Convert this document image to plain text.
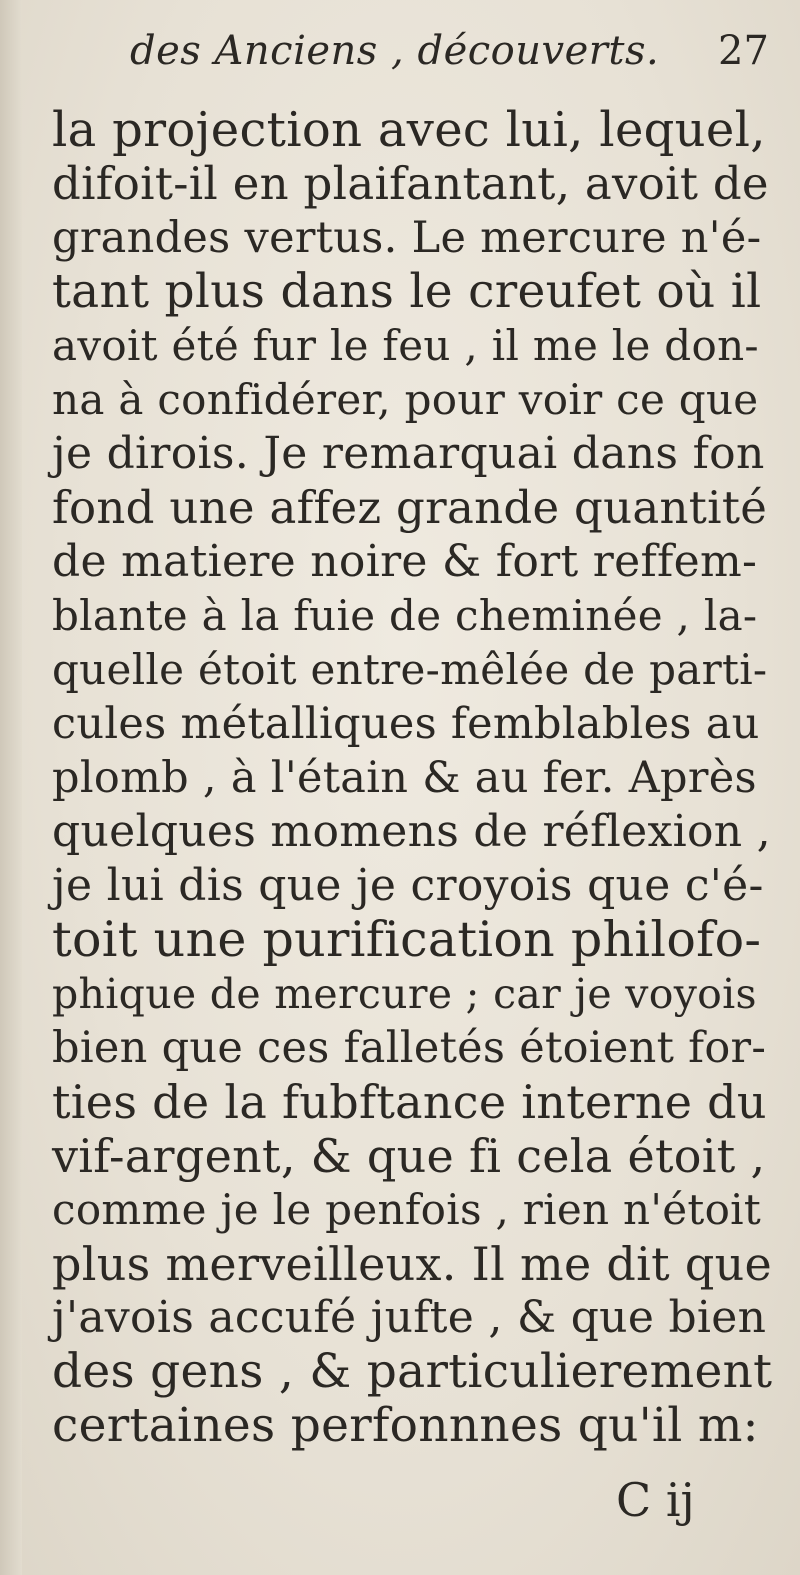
des Anciens , découverts. 27
la projection avec lui, lequel,
difoit-il en plaifantant, avoit de
grandes vertus. Le mercure n'é-
tant plus dans le creufet où il
avoit été fur le feu , il me le don-
na à confidérer, pour voir ce que
je dirois. Je remarquai dans fon
fond une affez grande quantité
de matiere noire & fort reffem-
blante à la fuie de cheminée , la-
quelle étoit entre-mêlée de parti-
cules métalliques femblables au
plomb , à l'étain & au fer. Après
quelques momens de réflexion ,
je lui dis que je croyois que c'é-
toit une purification philofo-
phique de mercure ; car je voyois
bien que ces falletés étoient for-
ties de la fubftance interne du
vif-argent, & que fi cela étoit ,
comme je le penfois , rien n'étoit
plus merveilleux. Il me dit que
j'avois accufé jufte , & que bien
des gens , & particulierement
certaines perfonnnes qu'il m:
C ij
